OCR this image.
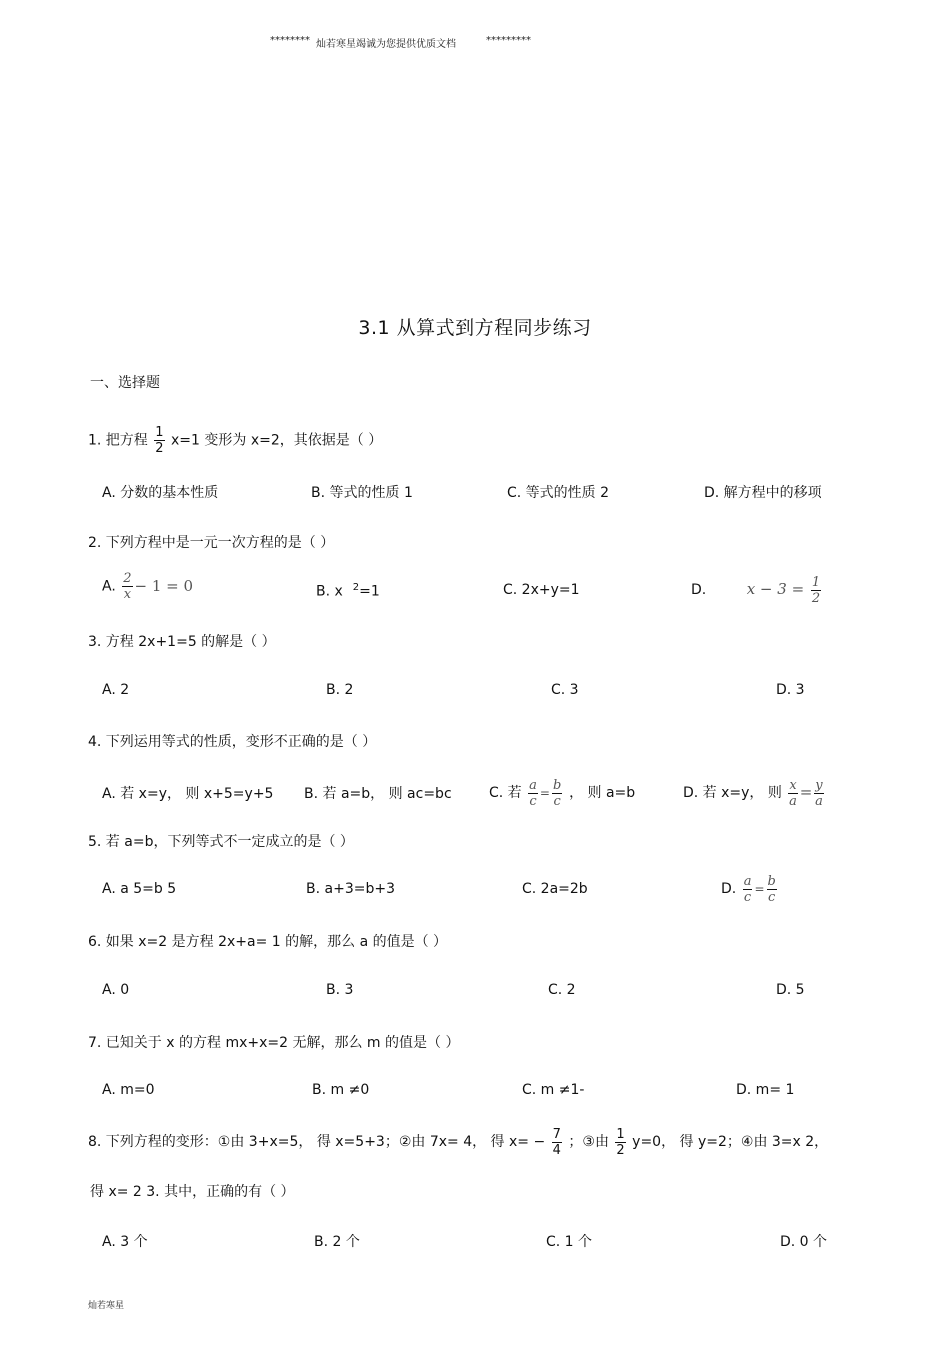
******** 灿若寒星竭诚为您提供优质文档	*********
3.1 从算式到方程同步练习
一、选择题
1. 把方程 $\frac{1}{2} x=1$ 变形为 x=2，其依据是（ ）
A. 分数的基本性质	B. 等式的性质 1	C. 等式的性质 2	D. 解方程中的移项
2. 下列方程中是一元一次方程的是（ ）
A. $\frac{2}{x} - 1 = 0$	B. x $^2$=1	C. 2x+y=1	D.	$x - 3 = \frac{1}{2}$
3. 方程 2x+1=5 的解是（ ）
A. 2	B. 2	C. 3	D. 3
4. 下列运用等式的性质，变形不正确的是（ ）
A. 若 x=y， 则 x+5=y+5 B. 若 a=b， 则 ac=bc	C. 若 $\frac{a}{c} = \frac{b}{c}$ ， 则 a=b	D. 若 x=y， 则 $\frac{x}{a} = \frac{y}{a}$
5. 若 a=b，下列等式不一定成立的是（ ）
A. a 5=b 5	B. a+3=b+3	C. 2a=2b	D. $\frac{a}{c} = \frac{b}{c}$
6. 如果 x=2 是方程 2x+a= 1 的解，那么 a 的值是（ ）
A. 0	B. 3	C. 2	D. 5
7. 已知关于 x 的方程 mx+x=2 无解，那么 m 的值是（ ）
A. m=0	B. m ≠0	C. m ≠1-	D. m= 1
8. 下列方程的变形：①由 3+x=5， 得 x=5+3；②由 7x= 4， 得 $x= - \frac{7}{4}$ ；③由 $\frac{1}{2} y=0$， 得 y=2；④由 3=x 2，
得 x= 2 3. 其中，正确的有（ ）
A. 3 个	B. 2 个	C. 1 个	D. 0 个
灿若寒星
